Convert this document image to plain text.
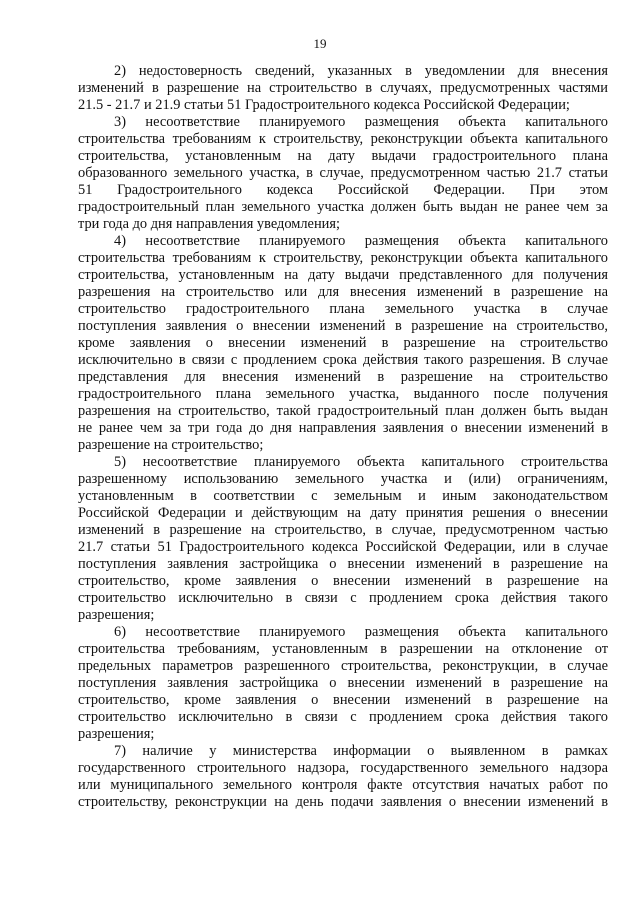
19
2) недостоверность сведений, указанных в уведомлении для внесения
изменений в разрешение на строительство в случаях, предусмотренных частями
21.5 - 21.7 и 21.9 статьи 51 Градостроительного кодекса Российской Федерации;
3) несоответствие планируемого размещения объекта капитального
строительства требованиям к строительству, реконструкции объекта капитального
строительства, установленным на дату выдачи градостроительного плана
образованного земельного участка, в случае, предусмотренном частью 21.7 статьи
51 Градостроительного кодекса Российской Федерации. При этом
градостроительный план земельного участка должен быть выдан не ранее чем за
три года до дня направления уведомления;
4) несоответствие планируемого размещения объекта капитального
строительства требованиям к строительству, реконструкции объекта капитального
строительства, установленным на дату выдачи представленного для получения
разрешения на строительство или для внесения изменений в разрешение на
строительство градостроительного плана земельного участка в случае
поступления заявления о внесении изменений в разрешение на строительство,
кроме заявления о внесении изменений в разрешение на строительство
исключительно в связи с продлением срока действия такого разрешения. В случае
представления для внесения изменений в разрешение на строительство
градостроительного плана земельного участка, выданного после получения
разрешения на строительство, такой градостроительный план должен быть выдан
не ранее чем за три года до дня направления заявления о внесении изменений в
разрешение на строительство;
5) несоответствие планируемого объекта капитального строительства
разрешенному использованию земельного участка и (или) ограничениям,
установленным в соответствии с земельным и иным законодательством
Российской Федерации и действующим на дату принятия решения о внесении
изменений в разрешение на строительство, в случае, предусмотренном частью
21.7 статьи 51 Градостроительного кодекса Российской Федерации, или в случае
поступления заявления застройщика о внесении изменений в разрешение на
строительство, кроме заявления о внесении изменений в разрешение на
строительство исключительно в связи с продлением срока действия такого
разрешения;
6) несоответствие планируемого размещения объекта капитального
строительства требованиям, установленным в разрешении на отклонение от
предельных параметров разрешенного строительства, реконструкции, в случае
поступления заявления застройщика о внесении изменений в разрешение на
строительство, кроме заявления о внесении изменений в разрешение на
строительство исключительно в связи с продлением срока действия такого
разрешения;
7) наличие у министерства информации о выявленном в рамках
государственного строительного надзора, государственного земельного надзора
или муниципального земельного контроля факте отсутствия начатых работ по
строительству, реконструкции на день подачи заявления о внесении изменений в
